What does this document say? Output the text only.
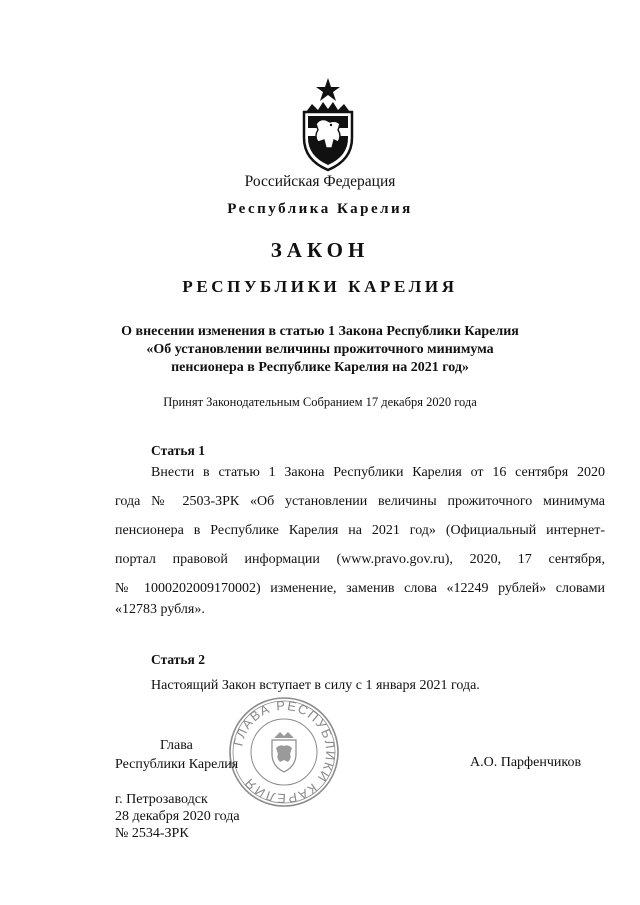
Российская Федерация
Республика Карелия
ЗАКОН
РЕСПУБЛИКИ КАРЕЛИЯ
О внесении изменения в статью 1 Закона Республики Карелия
«Об установлении величины прожиточного минимума
пенсионера в Республике Карелия на 2021 год»
Принят Законодательным Собранием 17 декабря 2020 года
Статья 1
Внести в статью 1 Закона Республики Карелия от 16 сентября 2020
года № 2503-ЗРК «Об установлении величины прожиточного минимума
пенсионера в Республике Карелия на 2021 год» (Официальный интернет-
портал правовой информации (www.pravo.gov.ru), 2020, 17 сентября,
№ 1000202009170002) изменение, заменив слова «12249 рублей» словами
«12783 рубля».
Статья 2
Настоящий Закон вступает в силу с 1 января 2021 года.
ГЛАВА РЕСПУБЛИКИ КАРЕЛИЯ
Глава
Республики Карелия	А.О. Парфенчиков
г. Петрозаводск
28 декабря 2020 года
№ 2534-ЗРК
